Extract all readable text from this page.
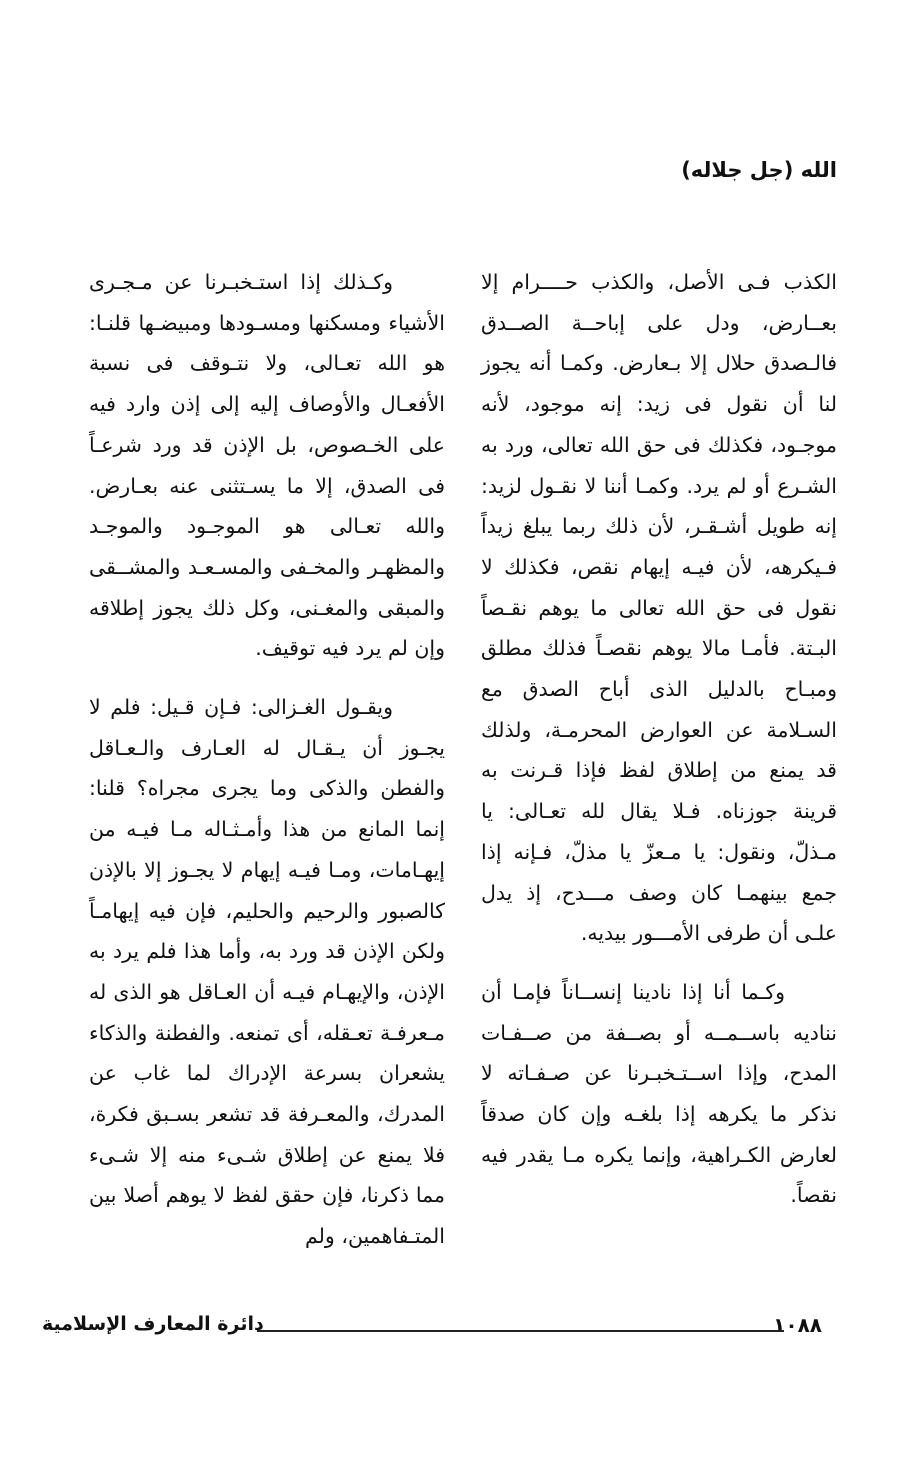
الله (جل جلاله)

الكذب فـى الأصل، والكذب حــــرام إلا بعــارض، ودل على إباحــة الصــدق فالـصدق حلال إلا بـعارض. وكمـا أنه يجوز لنا أن نقول فى زيد: إنه موجود، لأنه موجـود، فكذلك فى حق الله تعالى، ورد به الشـرع أو لم يرد. وكمـا أننا لا نقـول لزيد: إنه طويل أشـقـر، لأن ذلك ربما يبلغ زيداً فـيكرهه، لأن فيـه إيهام نقص، فكذلك لا نقول فى حق الله تعالى ما يوهم نقـصاً البـتة. فأمـا مالا يوهم نقصـاً فذلك مطلق ومبـاح بالدليل الذى أباح الصدق مع السـلامة عن العوارض المحرمـة، ولذلك قد يمنع من إطلاق لفظ فإذا قـرنت به قرينة جوزناه. فـلا يقال لله تعـالى: يا مـذلّ، ونقول: يا مـعزّ يا مذلّ، فـإنه إذا جمع بينهمـا كان وصف مـــدح، إذ يدل علـى أن طرفى الأمـــور بيديه.

وكـما أنا إذا نادينا إنســاناً فإمـا أن نناديه باســمــه أو بصــفة من صــفـات المدح، وإذا اســتـخبـرنا عن صـفـاته لا نذكر ما يكرهه إذا بلغـه وإن كان صدقاً لعارض الكـراهية، وإنما يكره مـا يقدر فيه نقصاً.

وكـذلك إذا استـخبـرنا عن مـجـرى الأشياء ومسكنها ومسـودها ومبيضـها قلنـا: هو الله تعـالى، ولا نتـوقف فى نسبة الأفعـال والأوصاف إليه إلى إذن وارد فيه على الخـصوص، بل الإذن قد ورد شرعـاً فى الصدق، إلا ما يسـتثنى عنه بعـارض. والله تعـالى هو الموجـود والموجـد والمظهـر والمخـفى والمسـعـد والمشــقى والمبقى والمغـنى، وكل ذلك يجوز إطلاقه وإن لم يرد فيه توقيف.

ويقـول الغـزالى: فـإن قـيل: فلم لا يجـوز أن يـقـال له العـارف والـعـاقل والفطن والذكى وما يجرى مجراه؟ قلنا: إنما المانع من هذا وأمـثـاله مـا فيـه من إيهـامات، ومـا فيـه إيهام لا يجـوز إلا بالإذن كالصبور والرحيم والحليم، فإن فيه إيهامـاً ولكن الإذن قد ورد به، وأما هذا فلم يرد به الإذن، والإيهـام فيـه أن العـاقل هو الذى له مـعرفـة تعـقله، أى تمنعه. والفطنة والذكاء يشعران بسرعة الإدراك لما غاب عن المدرك، والمعـرفة قد تشعر بسـبق فكرة، فلا يمنع عن إطلاق شـىء منه إلا شـىء مما ذكرنا، فإن حقق لفظ لا يوهم أصلا بين المتـفاهمين، ولم

١٠٨٨
دائرة المعارف الإسلامية
